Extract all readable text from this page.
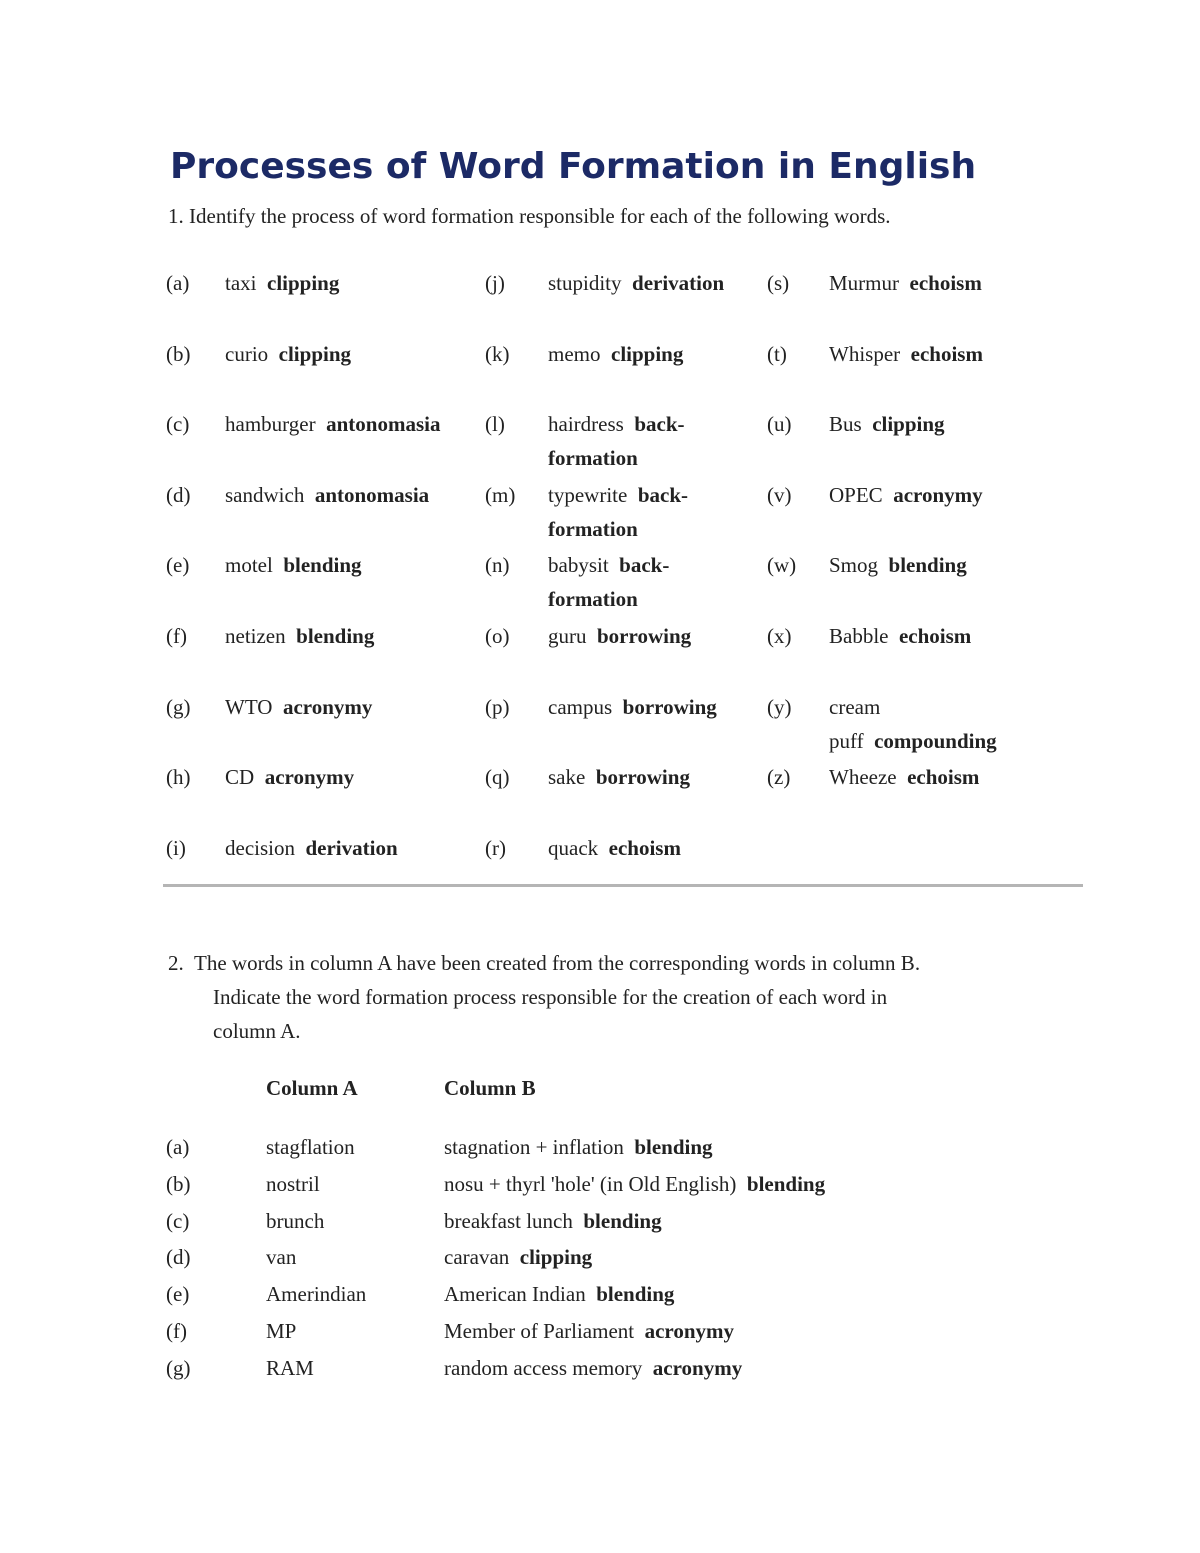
Processes of Word Formation in English
1. Identify the process of word formation responsible for each of the following words.
(a) taxi clipping
(b) curio clipping
(c) hamburger antonomasia
(d) sandwich antonomasia
(e) motel blending
(f) netizen blending
(g) WTO acronymy
(h) CD acronymy
(i) decision derivation
(j) stupidity derivation
(k) memo clipping
(l) hairdress back-formation
(m) typewrite back-formation
(n) babysit back-formation
(o) guru borrowing
(p) campus borrowing
(q) sake borrowing
(r) quack echoism
(s) Murmur echoism
(t) Whisper echoism
(u) Bus clipping
(v) OPEC acronymy
(w) Smog blending
(x) Babble echoism
(y) cream puff compounding
(z) Wheeze echoism
2. The words in column A have been created from the corresponding words in column B.
Indicate the word formation process responsible for the creation of each word in
column A.
Column A	Column B
(a)	stagflation	stagnation + inflation blending
(b)	nostril	nosu + thyrl 'hole' (in Old English) blending
(c)	brunch	breakfast lunch blending
(d)	van	caravan clipping
(e)	Amerindian	American Indian blending
(f)	MP	Member of Parliament acronymy
(g)	RAM	random access memory acronymy
